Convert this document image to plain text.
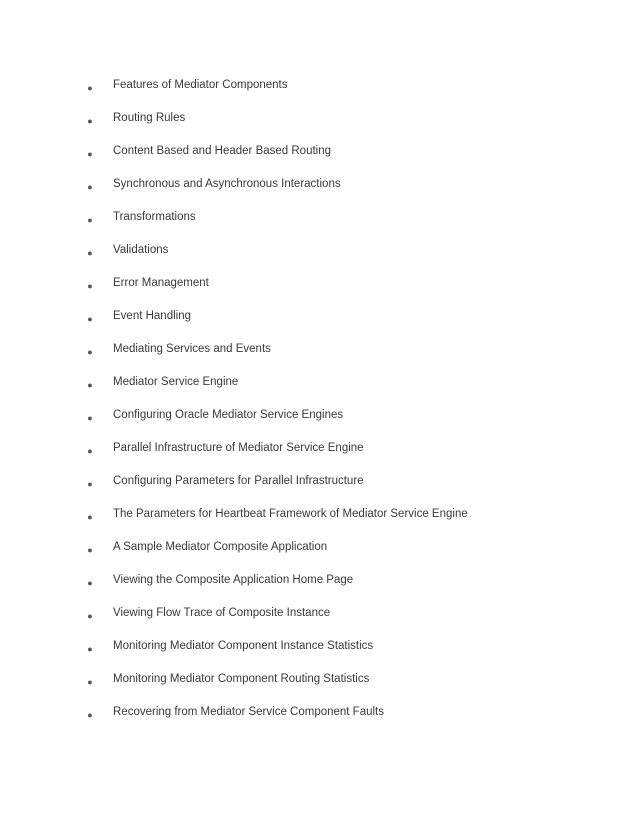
●	Features of Mediator Components
●	Routing Rules
●	Content Based and Header Based Routing
●	Synchronous and Asynchronous Interactions
●	Transformations
●	Validations
●	Error Management
●	Event Handling
●	Mediating Services and Events
●	Mediator Service Engine
●	Configuring Oracle Mediator Service Engines
●	Parallel Infrastructure of Mediator Service Engine
●	Configuring Parameters for Parallel Infrastructure
●	The Parameters for Heartbeat Framework of Mediator Service Engine
●	A Sample Mediator Composite Application
●	Viewing the Composite Application Home Page
●	Viewing Flow Trace of Composite Instance
●	Monitoring Mediator Component Instance Statistics
●	Monitoring Mediator Component Routing Statistics
●	Recovering from Mediator Service Component Faults
